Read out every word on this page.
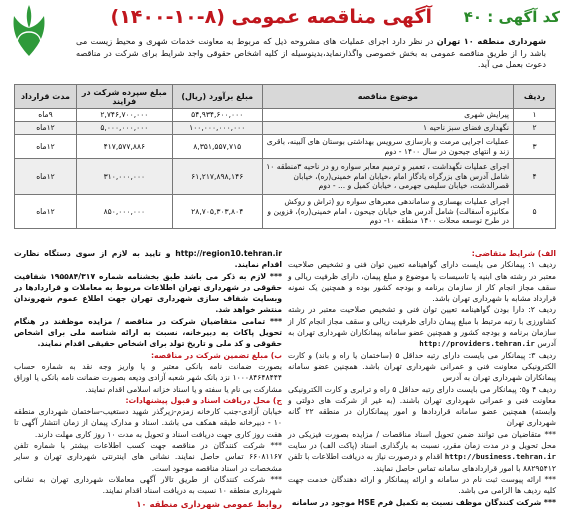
آگهی مناقصه عمومی (۸-۱۰-۱۴۰۰) کد آگهی : ۴۰
شهرداری منطقه ۱۰ تهران در نظر دارد اجرای عملیات های مشروحه ذیل که مربوط به معاونت خدمات شهری و محیط زیست می باشد را از طریق مناقصه عمومی به بخش خصوصی واگذارنماید،بدینوسیله از کلیه اشخاص حقوقی واجد شرایط برای شرکت در مناقصه دعوت بعمل می آید.
ردیف	موضوع مناقصه	مبلغ برآورد (ریال)	مبلغ سپرده شرکت در فرایند	مدت قرارداد
۱	پیرایش شهری	۵۴,۹۳۴,۶۰۰,۰۰۰	۲,۷۴۶,۷۰۰,۰۰۰	۹ماه
۲	نگهداری فضای سبز ناحیه ۱	۱۰۰,۰۰۰,۰۰۰,۰۰۰	۵,۰۰۰,۰۰۰,۰۰۰	۱۲ماه
۳	عملیات اجرایی مرمت و بازسازی سرویس بهداشتی بوستان های آلبینه، باقری زند و انتهای جیحون در سال ۱۴۰۰ - دوم	۸,۳۵۱,۵۵۷,۷۱۵	۴۱۷,۵۷۷,۸۸۶	۱۲ماه
۴	اجرای عملیات نگهداشت ، تعمیر و ترمیم معابر سواره رو در ناحیه ۳منطقه ۱۰ شامل آدرس های بزرگراه یادگار امام ،خیابان امام خمینی(ره)، خیابان قصرالدشت، خیابان سلیمی جهرمی ، خیابان کمیل و ... - دوم	۶۱,۲۱۷,۸۹۸,۱۴۶	۳۱۰,۰۰۰,۰۰۰	۱۲ماه
۵	اجرای عملیات بهسازی و ساماندهی معبرهای سواره رو (تراش و روکش مکانیزه آسفالت) شامل آدرس های خیابان جیحون ، امام خمینی(ره)، قزوین و در طرح توسعه محلات ۱۴۰۰ منطقه ۱۰- دوم	۲۸,۷۰۵,۳۰۳,۸۰۴	۸۵۰,۰۰۰,۰۰۰	۱۲ماه
الف) شرایط متقاضی:
ردیف ۱: پیمانکار می بایست دارای گواهینامه تعیین توان فنی و تشخیص صلاحیت معتبر در رشته های ابنیه یا تاسیسات یا موضوع و مبلغ پیمان، دارای ظرفیت ریالی و سقف مجاز انجام کار از سازمان برنامه و بودجه کشور بوده و همچنین یک نمونه قرارداد مشابه با شهرداری تهران باشد.
ردیف ۲: دارا بودن گواهینامه تعیین توان فنی و تشخیص صلاحیت معتبر در رشته کشاورزی با رتبه مرتبط با مبلغ پیمان دارای ظرفیت ریالی و سقف مجاز انجام کار از سازمان برنامه و بودجه کشور و همچنین عضو سامانه پیمانکاران شهرداری تهران به آدرس http://providers.tehran.ir
ردیف ۳: پیمانکار می بایست دارای رتبه حداقل ۵ (ساختمان یا راه و باند) و کارت الکترونیکی معاونت فنی و عمرانی شهرداری تهران باشد. همچنین عضو سامانه پیمانکاران شهرداری تهران به آدرس
ردیف ۴ و۵: پیمانکار می بایست دارای رتبه حداقل ۵ راه و ترابری و کارت الکترونیکی معاونت فنی و عمرانی شهرداری تهران باشند. (به غیر از شرکت های دولتی و وابسته) همچنین عضو سامانه قراردادها و امور پیمانکاران در منطقه ۲۲ گانه شهرداری تهران
*** متقاضیان می توانند ضمن تحویل اسناد مناقصات / مزایده بصورت فیزیکی در محل تحویل و در مدت زمان مقرر، نسبت به بارگذاری اسناد (پاکت الف) در سایت http://business.tehran.ir اقدام و درصورت نیاز به دریافت اطلاعات با تلفن ۸۸۲۹۵۴۱۲ با امور قراردادهای سامانه تماس حاصل نمایند.
*** ارائه پیوست ثبت نام در سامانه و ارائه پیمانکار و ارائه دهندگان خدمت جهت کلیه ردیف ها الزامی می باشد.
*** شرکت کنندگان موظف نسبت به تکمیل فرم HSE موجود در سامانه
http://region10.tehran.ir و تایید به لازم از سوی دستگاه نظارت اقدام نمایند.
*** لازم به ذکر می باشد طبق بخشنامه شماره ۱۹۵۵۸۴/۳۱۷ شفافیت حقوقی در شهرداری تهران اطلاعات مربوط به معاملات و قراردادها در وبسایت شفاف سازی شهرداری تهران جهت اطلاع عموم شهروندان منتشر خواهد شد.
*** تمامی متقاضیان شرکت در مناقصه / مزایده موظفند در هنگام تحویل پاکات به دبیرخانه، نسبت به ارائه شناسه ملی برای اشخاص حقوقی و کد ملی و تاریخ تولد برای اشخاص حقیقی اقدام نمایند.
ب) مبلغ تضمین شرکت در مناقصه:
بصورت ضمانت نامه بانکی معتبر و یا واریز وجه نقد به شماره حساب ۱۰۰۰۸۴۶۴۸۴۴۴ نزد بانک شهر شعبه آزادی ودیعه بصورت ضمانت نامه بانکی یا اوراق مشارکت بی نام یا سفته و یا اسناد خزانه اسلامی اقدام نمایند.
ج) محل دریافت اسناد و قبول پیشنهادات:
خیابان آزادی-جنب کارخانه زمزم-زیرگذر شهید دستغیب-ساختمان شهرداری منطقه ۱۰ - دبیرخانه طبقه همکف می باشد. اسناد و مدارک پیمان از زمان انتشار آگهی تا هفت روز کاری جهت دریافت اسناد و تحویل به مدت ۱۰ روز کاری مهلت دارند.
*** شرکت کنندگان در مناقصه جهت کسب اطلاعات بیشتر با شماره تلفن ۶۶۰۸۱۱۶۷ تماس حاصل نمایند. نشانی های اینترنتی شهرداری تهران و سایر مشخصات در اسناد مناقصه موجود است.
*** شرکت کنندگان از طریق تالار آگهی معاملات شهرداری تهران به نشانی شهرداری منطقه ۱۰ نسبت به دریافت اسناد اقدام نمایند.
روابط عمومی شهرداری منطقه ۱۰
